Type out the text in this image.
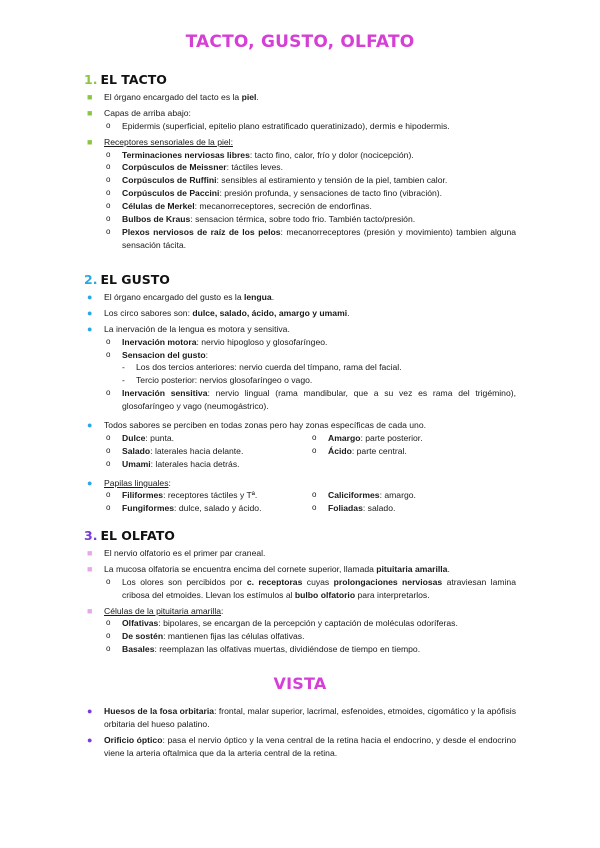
TACTO, GUSTO, OLFATO
1. EL TACTO
■ El órgano encargado del tacto es la piel.
■ Capas de arriba abajo:
o Epidermis (superficial, epitelio plano estratificado queratinizado), dermis e hipodermis.
■ Receptores sensoriales de la piel:
o Terminaciones nerviosas libres: tacto fino, calor, frío y dolor (nocicepción).
o Corpúsculos de Meissner: táctiles leves.
o Corpúsculos de Ruffini: sensibles al estiramiento y tensión de la piel, tambien calor.
o Corpúsculos de Paccini: presión profunda, y sensaciones de tacto fino (vibración).
o Células de Merkel: mecanorreceptores, secreción de endorfinas.
o Bulbos de Kraus: sensacion térmica, sobre todo frio. También tacto/presión.
o Plexos nerviosos de raíz de los pelos: mecanorreceptores (presión y movimiento) tambien alguna sensación tácita.
2. EL GUSTO
● El órgano encargado del gusto es la lengua.
● Los circo sabores son: dulce, salado, ácido, amargo y umami.
● La inervación de la lengua es motora y sensitiva.
o Inervación motora: nervio hipogloso y glosofaríngeo.
o Sensacion del gusto:
- Los dos tercios anteriores: nervio cuerda del tímpano, rama del facial.
- Tercio posterior: nervios glosofaríngeo o vago.
o Inervación sensitiva: nervio lingual (rama mandibular, que a su vez es rama del trigémino), glosofaríngeo y vago (neumogástrico).
● Todos sabores se perciben en todas zonas pero hay zonas específicas de cada uno.
o Dulce: punta.
o Salado: laterales hacia delante.
o Umami: laterales hacia detrás.
o Amargo: parte posterior.
o Ácido: parte central.
● Papilas linguales:
o Filiformes: receptores táctiles y Tª.
o Fungiformes: dulce, salado y ácido.
o Caliciformes: amargo.
o Foliadas: salado.
3. EL OLFATO
■ El nervio olfatorio es el primer par craneal.
■ La mucosa olfatoria se encuentra encima del cornete superior, llamada pituitaria amarilla.
o Los olores son percibidos por c. receptoras cuyas prolongaciones nerviosas atraviesan lamina cribosa del etmoides. Llevan los estímulos al bulbo olfatorio para interpretarlos.
■ Células de la pituitaria amarilla:
o Olfativas: bipolares, se encargan de la percepción y captación de moléculas odoríferas.
o De sostén: mantienen fijas las células olfativas.
o Basales: reemplazan las olfativas muertas, dividiéndose de tiempo en tiempo.
VISTA
● Huesos de la fosa orbitaria: frontal, malar superior, lacrimal, esfenoides, etmoides, cigomático y la apófisis orbitaria del hueso palatino.
● Orificio óptico: pasa el nervio óptico y la vena central de la retina hacia el endocrino, y desde el endocrino viene la arteria oftalmica que da la arteria central de la retina.
